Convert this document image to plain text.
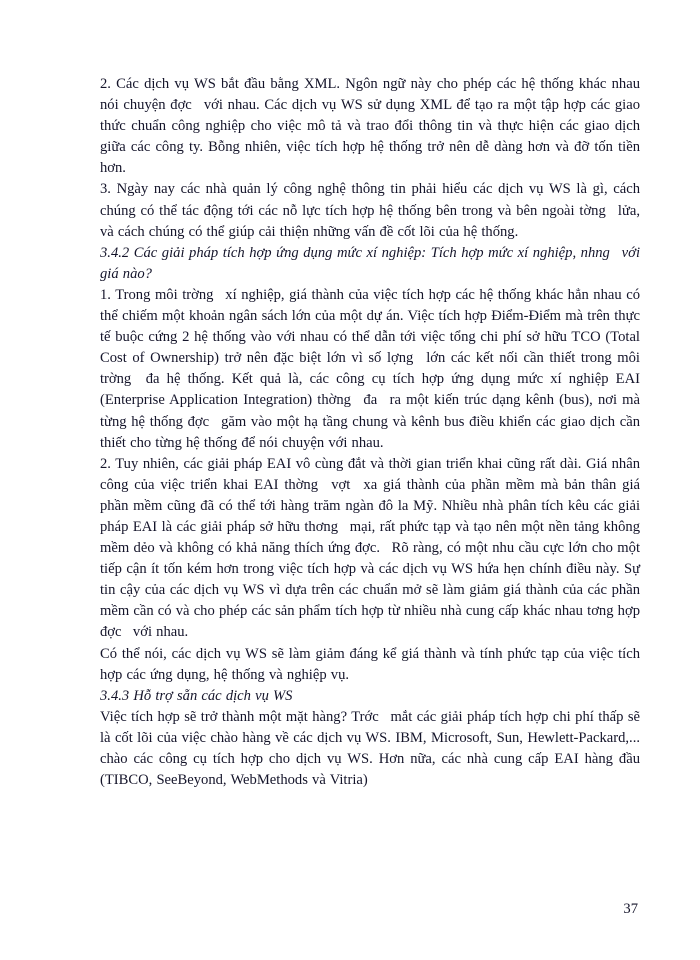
2. Các dịch vụ WS bắt đầu bằng XML. Ngôn ngữ này cho phép các hệ thống khác nhau nói chuyện đợc  với nhau. Các dịch vụ WS sử dụng XML để tạo ra một tập hợp các giao thức chuẩn công nghiệp cho việc mô tả và trao đổi thông tin và thực hiện các giao dịch giữa các công ty. Bỗng nhiên, việc tích hợp hệ thống trở nên dễ dàng hơn và đỡ tốn tiền hơn.

3. Ngày nay các nhà quản lý công nghệ thông tin phải hiểu các dịch vụ WS là gì, cách chúng có thể tác động tới các nỗ lực tích hợp hệ thống bên trong và bên ngoài tờng  lửa, và cách chúng có thể giúp cải thiện những vấn đề cốt lõi của hệ thống.

3.4.2 Các giải pháp tích hợp ứng dụng mức xí nghiệp: Tích hợp mức xí nghiệp, nhng  với giá nào?

1. Trong môi trờng  xí nghiệp, giá thành của việc tích hợp các hệ thống khác hẳn nhau có thể chiếm một khoản ngân sách lớn của một dự án. Việc tích hợp Điểm-Điểm mà trên thực tế buộc cứng 2 hệ thống vào với nhau có thể dẫn tới việc tổng chi phí sở hữu TCO (Total Cost of Ownership) trở nên đặc biệt lớn vì số lợng  lớn các kết nối cần thiết trong môi trờng  đa hệ thống. Kết quả là, các công cụ tích hợp ứng dụng mức xí nghiệp EAI (Enterprise Application Integration) thờng  đa  ra một kiến trúc dạng kênh (bus), nơi mà từng hệ thống đợc  găm vào một hạ tầng chung và kênh bus điều khiển các giao dịch cần thiết cho từng hệ thống để nói chuyện với nhau.

2. Tuy nhiên, các giải pháp EAI vô cùng đắt và thời gian triển khai cũng rất dài. Giá nhân công của việc triển khai EAI thờng  vợt  xa giá thành của phần mềm mà bản thân giá phần mềm cũng đã có thể tới hàng trăm ngàn đô la Mỹ. Nhiều nhà phân tích kêu các giải pháp EAI là các giải pháp sở hữu thơng  mại, rất phức tạp và tạo nên một nền tảng không mềm dẻo và không có khả năng thích ứng đợc.  Rõ ràng, có một nhu cầu cực lớn cho một tiếp cận ít tốn kém hơn trong việc tích hợp và các dịch vụ WS hứa hẹn chính điều này. Sự tin cậy của các dịch vụ WS vì dựa trên các chuẩn mở sẽ làm giảm giá thành của các phần mềm cần có và cho phép các sản phẩm tích hợp từ nhiều nhà cung cấp khác nhau tơng hợp đợc  với nhau.

Có thể nói, các dịch vụ WS sẽ làm giảm đáng kể giá thành và tính phức tạp của việc tích hợp các ứng dụng, hệ thống và nghiệp vụ.

3.4.3 Hỗ trợ sẵn các dịch vụ WS

Việc tích hợp sẽ trở thành một mặt hàng? Trớc  mắt các giải pháp tích hợp chi phí thấp sẽ là cốt lõi của việc chào hàng về các dịch vụ WS. IBM, Microsoft, Sun, Hewlett-Packard,... chào các công cụ tích hợp cho dịch vụ WS. Hơn nữa, các nhà cung cấp EAI hàng đầu (TIBCO, SeeBeyond, WebMethods và Vitria)

37
